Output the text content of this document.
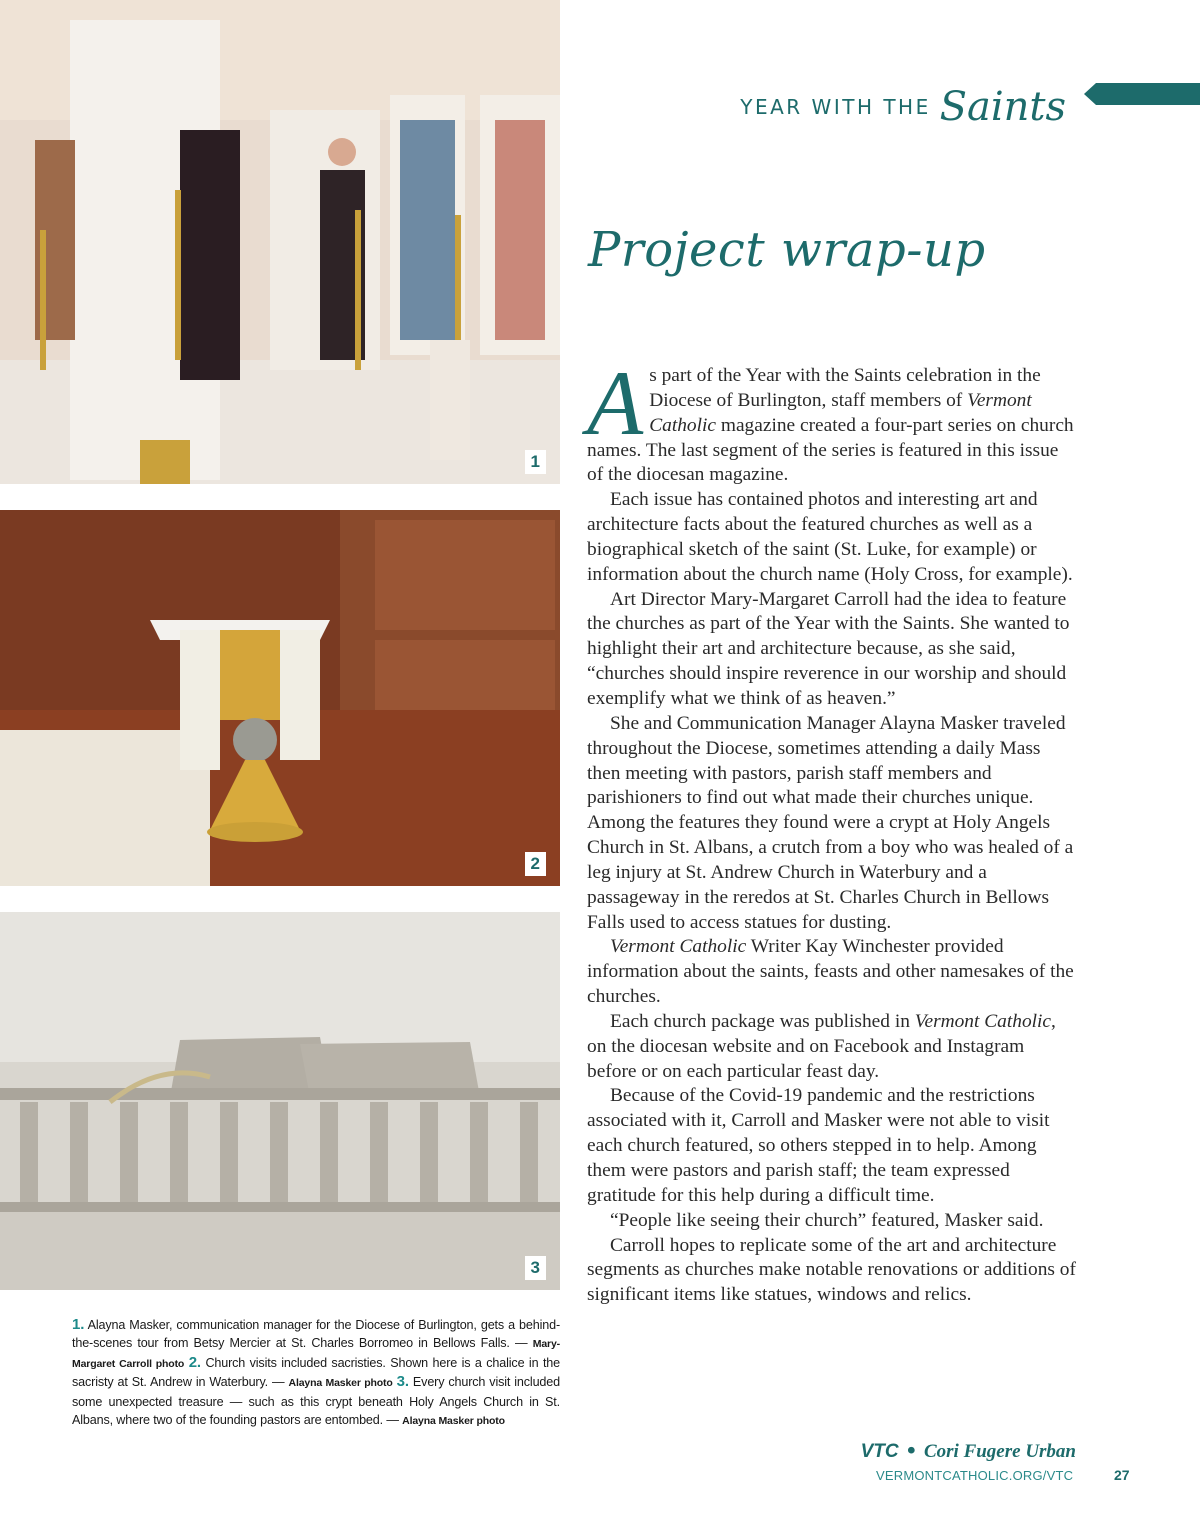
1
2
3
1. Alayna Masker, communication manager for the Diocese of Burlington, gets a behind-the-scenes tour from Betsy Mercier at St. Charles Borromeo in Bellows Falls. — Mary-Margaret Carroll photo 2. Church visits included sacristies. Shown here is a chalice in the sacristy at St. Andrew in Waterbury. — Alayna Masker photo 3. Every church visit included some unexpected treasure — such as this crypt beneath Holy Angels Church in St. Albans, where two of the founding pastors are entombed. — Alayna Masker photo
YEAR WITH THE Saints
Project wrap-up

As part of the Year with the Saints celebration in the Diocese of Burlington, staff members of Vermont Catholic magazine created a four-part series on church names. The last segment of the series is featured in this issue of the diocesan magazine.

Each issue has contained photos and interesting art and architecture facts about the featured churches as well as a biographical sketch of the saint (St. Luke, for example) or information about the church name (Holy Cross, for example).

Art Director Mary-Margaret Carroll had the idea to feature the churches as part of the Year with the Saints. She wanted to highlight their art and architecture because, as she said, “churches should inspire reverence in our worship and should exemplify what we think of as heaven.”

She and Communication Manager Alayna Masker traveled throughout the Diocese, sometimes attending a daily Mass then meeting with pastors, parish staff members and parishioners to find out what made their churches unique. Among the features they found were a crypt at Holy Angels Church in St. Albans, a crutch from a boy who was healed of a leg injury at St. Andrew Church in Waterbury and a passageway in the reredos at St. Charles Church in Bellows Falls used to access statues for dusting.

Vermont Catholic Writer Kay Winchester provided information about the saints, feasts and other namesakes of the churches.

Each church package was published in Vermont Catholic, on the diocesan website and on Facebook and Instagram before or on each particular feast day.

Because of the Covid-19 pandemic and the restrictions associated with it, Carroll and Masker were not able to visit each church featured, so others stepped in to help. Among them were pastors and parish staff; the team expressed gratitude for this help during a difficult time.

“People like seeing their church” featured, Masker said.

Carroll hopes to replicate some of the art and architecture segments as churches make notable renovations or additions of significant items like statues, windows and relics.

VTC • Cori Fugere Urban
VERMONTCATHOLIC.ORG/VTC	27
